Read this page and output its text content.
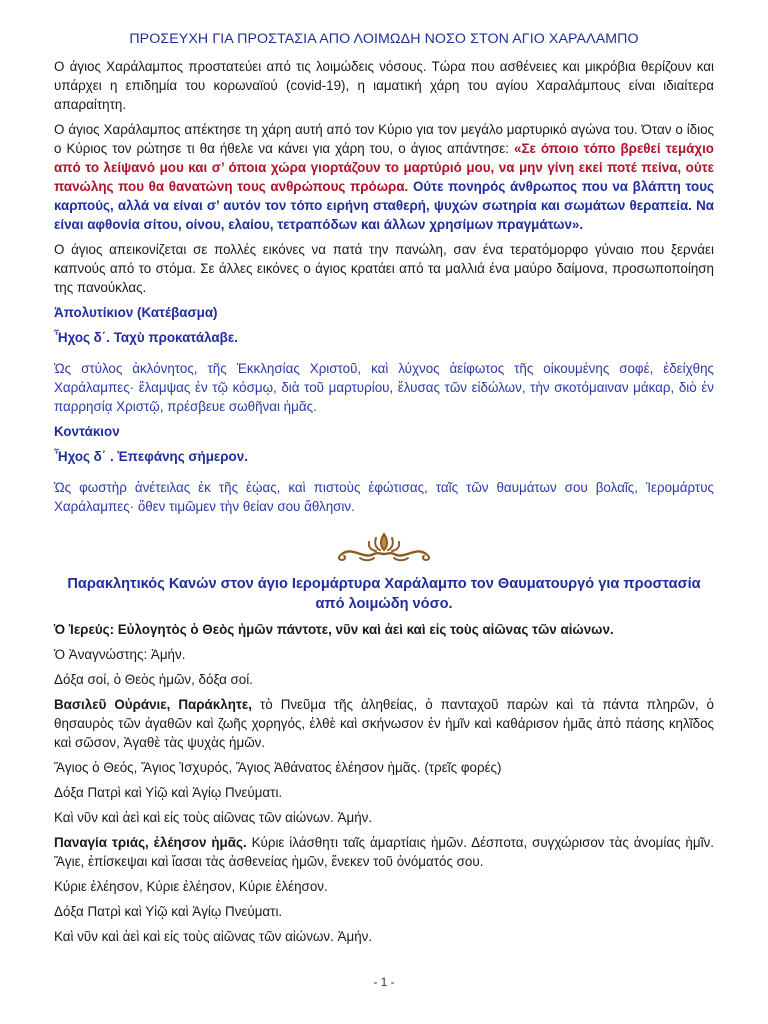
ΠΡΟΣΕΥΧΗ ΓΙΑ ΠΡΟΣΤΑΣΙΑ ΑΠΟ ΛΟΙΜΩΔΗ ΝΟΣΟ ΣΤΟΝ ΑΓΙΟ ΧΑΡΑΛΑΜΠΟ

Ο άγιος Χαράλαμπος προστατεύει από τις λοιμώδεις νόσους. Τώρα που ασθένειες και μικρόβια θερίζουν και υπάρχει η επιδημία του κορωναϊού (covid-19), η ιαματική χάρη του αγίου Χαραλάμπους είναι ιδιαίτερα απαραίτητη.

Ο άγιος Χαράλαμπος απέκτησε τη χάρη αυτή από τον Κύριο για τον μεγάλο μαρτυρικό αγώνα του. Όταν ο ίδιος ο Κύριος τον ρώτησε τι θα ήθελε να κάνει για χάρη του, ο άγιος απάντησε: «Σε όποιο τόπο βρεθεί τεμάχιο από το λείψανό μου και σ’ όποια χώρα γιορτάζουν το μαρτύριό μου, να μην γίνη εκεί ποτέ πείνα, ούτε πανώλης που θα θανατώνη τους ανθρώπους πρόωρα. Ούτε πονηρός άνθρωπος που να βλάπτη τους καρπούς, αλλά να είναι σ’ αυτόν τον τόπο ειρήνη σταθερή, ψυχών σωτηρία και σωμάτων θεραπεία. Να είναι αφθονία σίτου, οίνου, ελαίου, τετραπόδων και άλλων χρησίμων πραγμάτων».

Ο άγιος απεικονίζεται σε πολλές εικόνες να πατά την πανώλη, σαν ένα τερατόμορφο γύναιο που ξερνάει καπνούς από το στόμα. Σε άλλες εικόνες ο άγιος κρατάει από τα μαλλιά ένα μαύρο δαίμονα, προσωποποίηση της πανούκλας.

Ἀπολυτίκιον (Κατέβασμα)

Ἦχος δ΄. Ταχὺ προκατάλαβε.

Ὡς στύλος ἀκλόνητος, τῆς Ἐκκλησίας Χριστοῦ, καὶ λύχνος ἀείφωτος τῆς οἰκουμένης σοφέ, ἐδείχθης Χαράλαμπες· ἔλαμψας ἐν τῷ κόσμῳ, διὰ τοῦ μαρτυρίου, ἔλυσας τῶν εἰδώλων, τὴν σκοτόμαιναν μάκαρ, διὸ ἐν παρρησίᾳ Χριστῷ, πρέσβευε σωθῆναι ἡμᾶς.

Κοντάκιον

Ἦχος δ΄ . Ἐπεφάνης σήμερον.

Ὡς φωστὴρ ἀνέτειλας ἐκ τῆς ἑῴας, καὶ πιστοὺς ἐφώτισας, ταῖς τῶν θαυμάτων σου βολαῖς, Ἱερομάρτυς Χαράλαμπες· ὅθεν τιμῶμεν τὴν θείαν σου ἄθλησιν.

Παρακλητικός Κανών στον άγιο Ιερομάρτυρα Χαράλαμπο τον Θαυματουργό για προστασία από λοιμώδη νόσο.

Ὁ Ἱερεύς: Εὐλογητὸς ὁ Θεὸς ἡμῶν πάντοτε, νῦν καὶ ἀεὶ καὶ εἰς τοὺς αἰῶνας τῶν αἰώνων.

Ὁ Ἀναγνώστης: Ἀμήν.

Δόξα σοί, ὁ Θεὸς ἡμῶν, δόξα σοί.

Βασιλεῦ Οὐράνιε, Παράκλητε, τὸ Πνεῦμα τῆς ἀληθείας, ὁ πανταχοῦ παρὼν καὶ τὰ πάντα πληρῶν, ὁ θησαυρὸς τῶν ἀγαθῶν καὶ ζωῆς χορηγός, ἐλθὲ καὶ σκήνωσον ἐν ἡμῖν καὶ καθάρισον ἡμᾶς ἀπὸ πάσης κηλῖδος καὶ σῶσον, Ἀγαθὲ τὰς ψυχὰς ἡμῶν.

Ἅγιος ὁ Θεός, Ἅγιος Ἰσχυρός, Ἅγιος Ἀθάνατος ἐλέησον ἡμᾶς. (τρεῖς φορές)

Δόξα Πατρὶ καὶ Υἱῷ καὶ Ἁγίῳ Πνεύματι.

Καὶ νῦν καὶ ἀεὶ καὶ εἰς τοὺς αἰῶνας τῶν αἰώνων. Ἀμήν.

Παναγία τριάς, ἐλέησον ἡμᾶς. Κύριε ἱλάσθητι ταῖς ἁμαρτίαις ἡμῶν. Δέσποτα, συγχώρισον τὰς ἀνομίας ἡμῖν. Ἅγιε, ἐπίσκεψαι καὶ ἴασαι τὰς ἀσθενείας ἡμῶν, ἕνεκεν τοῦ ὀνόματός σου.

Κύριε ἐλέησον, Κύριε ἐλέησον, Κύριε ἐλέησον.

Δόξα Πατρὶ καὶ Υἱῷ καὶ Ἁγίῳ Πνεύματι.

Καὶ νῦν καὶ ἀεὶ καὶ εἰς τοὺς αἰῶνας τῶν αἰώνων. Ἀμήν.

- 1 -
